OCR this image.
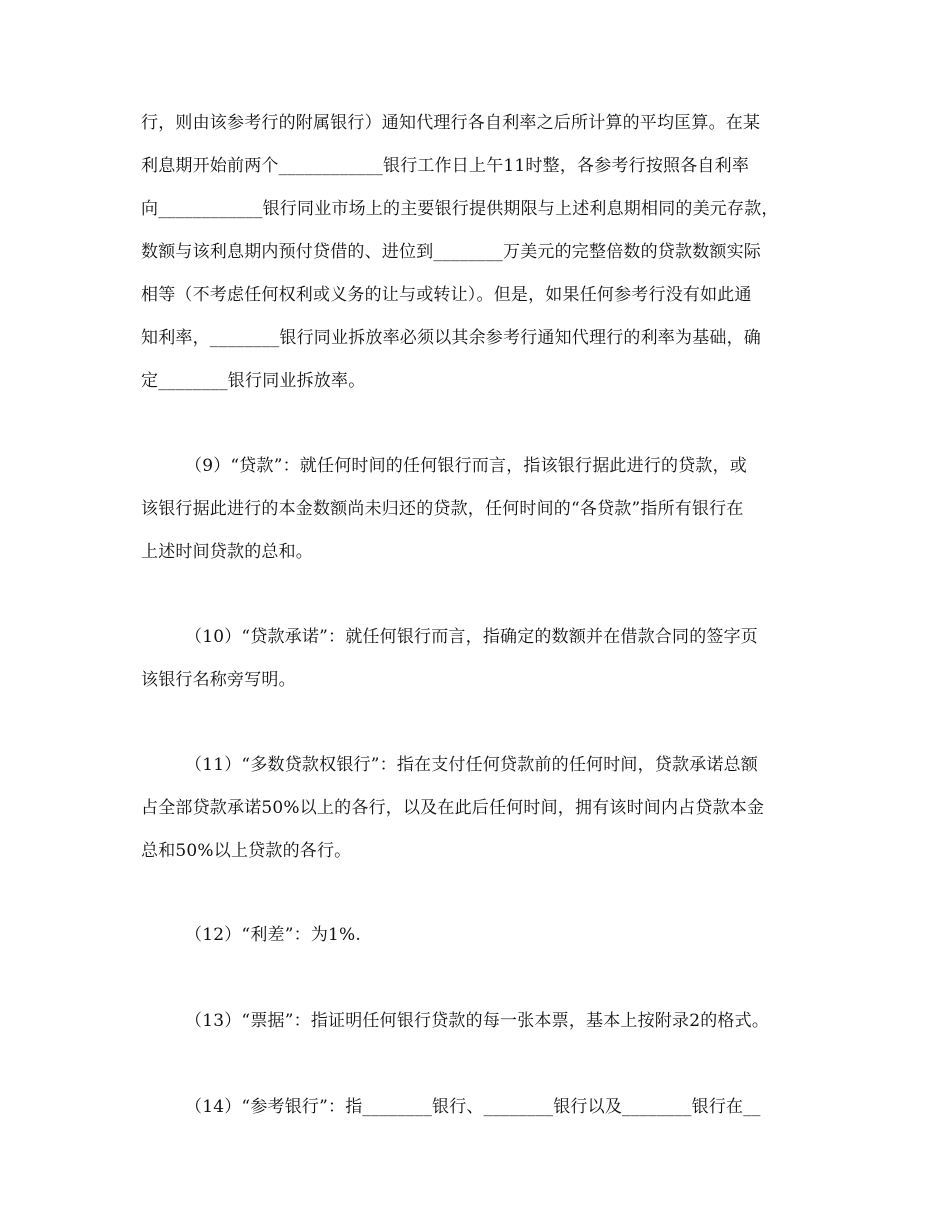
行，则由该参考行的附属银行）通知代理行各自利率之后所计算的平均匡算。在某
利息期开始前两个____________银行工作日上午11时整，各参考行按照各自利率
向____________银行同业市场上的主要银行提供期限与上述利息期相同的美元存款，
数额与该利息期内预付贷借的、进位到________万美元的完整倍数的贷款数额实际
相等（不考虑任何权利或义务的让与或转让）。但是，如果任何参考行没有如此通
知利率，________银行同业拆放率必须以其余参考行通知代理行的利率为基础，确
定________银行同业拆放率。
（9）“贷款”：就任何时间的任何银行而言，指该银行据此进行的贷款，或
该银行据此进行的本金数额尚未归还的贷款，任何时间的“各贷款”指所有银行在
上述时间贷款的总和。
（10）“贷款承诺”：就任何银行而言，指确定的数额并在借款合同的签字页
该银行名称旁写明。
（11）“多数贷款权银行”：指在支付任何贷款前的任何时间，贷款承诺总额
占全部贷款承诺50%以上的各行，以及在此后任何时间，拥有该时间内占贷款本金
总和50%以上贷款的各行。
（12）“利差”：为1%.
（13）“票据”：指证明任何银行贷款的每一张本票，基本上按附录2的格式。
（14）“参考银行”：指________银行、________银行以及________银行在__
